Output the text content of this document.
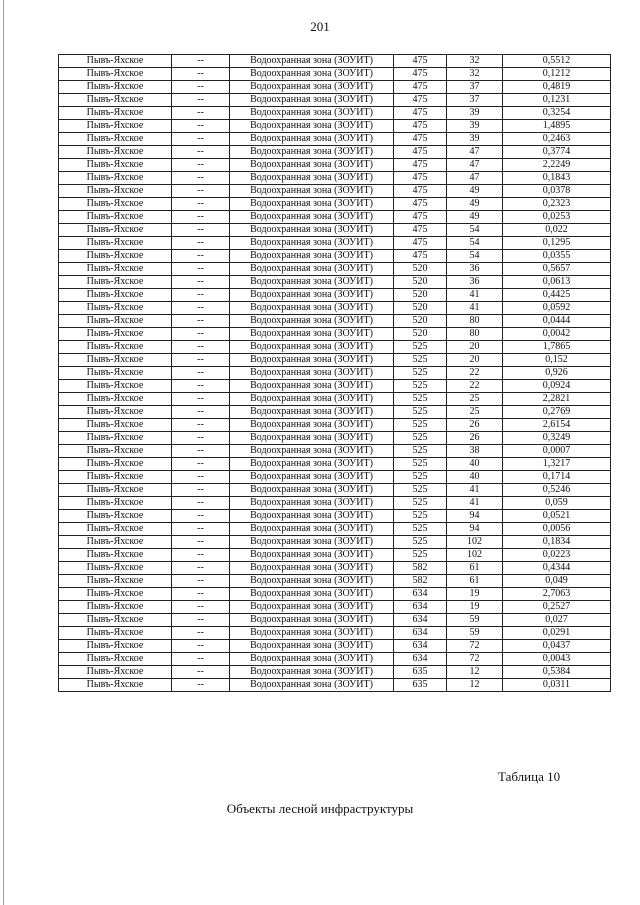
201
Пывъ-Яхское	--	Водоохранная зона (ЗОУИТ)	475	32	0,5512
Пывъ-Яхское	--	Водоохранная зона (ЗОУИТ)	475	32	0,1212
Пывъ-Яхское	--	Водоохранная зона (ЗОУИТ)	475	37	0,4819
Пывъ-Яхское	--	Водоохранная зона (ЗОУИТ)	475	37	0,1231
Пывъ-Яхское	--	Водоохранная зона (ЗОУИТ)	475	39	0,3254
Пывъ-Яхское	--	Водоохранная зона (ЗОУИТ)	475	39	1,4895
Пывъ-Яхское	--	Водоохранная зона (ЗОУИТ)	475	39	0,2463
Пывъ-Яхское	--	Водоохранная зона (ЗОУИТ)	475	47	0,3774
Пывъ-Яхское	--	Водоохранная зона (ЗОУИТ)	475	47	2,2249
Пывъ-Яхское	--	Водоохранная зона (ЗОУИТ)	475	47	0,1843
Пывъ-Яхское	--	Водоохранная зона (ЗОУИТ)	475	49	0,0378
Пывъ-Яхское	--	Водоохранная зона (ЗОУИТ)	475	49	0,2323
Пывъ-Яхское	--	Водоохранная зона (ЗОУИТ)	475	49	0,0253
Пывъ-Яхское	--	Водоохранная зона (ЗОУИТ)	475	54	0,022
Пывъ-Яхское	--	Водоохранная зона (ЗОУИТ)	475	54	0,1295
Пывъ-Яхское	--	Водоохранная зона (ЗОУИТ)	475	54	0,0355
Пывъ-Яхское	--	Водоохранная зона (ЗОУИТ)	520	36	0,5657
Пывъ-Яхское	--	Водоохранная зона (ЗОУИТ)	520	36	0,0613
Пывъ-Яхское	--	Водоохранная зона (ЗОУИТ)	520	41	0,4425
Пывъ-Яхское	--	Водоохранная зона (ЗОУИТ)	520	41	0,0592
Пывъ-Яхское	--	Водоохранная зона (ЗОУИТ)	520	80	0,0444
Пывъ-Яхское	--	Водоохранная зона (ЗОУИТ)	520	80	0,0042
Пывъ-Яхское	--	Водоохранная зона (ЗОУИТ)	525	20	1,7865
Пывъ-Яхское	--	Водоохранная зона (ЗОУИТ)	525	20	0,152
Пывъ-Яхское	--	Водоохранная зона (ЗОУИТ)	525	22	0,926
Пывъ-Яхское	--	Водоохранная зона (ЗОУИТ)	525	22	0,0924
Пывъ-Яхское	--	Водоохранная зона (ЗОУИТ)	525	25	2,2821
Пывъ-Яхское	--	Водоохранная зона (ЗОУИТ)	525	25	0,2769
Пывъ-Яхское	--	Водоохранная зона (ЗОУИТ)	525	26	2,6154
Пывъ-Яхское	--	Водоохранная зона (ЗОУИТ)	525	26	0,3249
Пывъ-Яхское	--	Водоохранная зона (ЗОУИТ)	525	38	0,0007
Пывъ-Яхское	--	Водоохранная зона (ЗОУИТ)	525	40	1,3217
Пывъ-Яхское	--	Водоохранная зона (ЗОУИТ)	525	40	0,1714
Пывъ-Яхское	--	Водоохранная зона (ЗОУИТ)	525	41	0,5246
Пывъ-Яхское	--	Водоохранная зона (ЗОУИТ)	525	41	0,059
Пывъ-Яхское	--	Водоохранная зона (ЗОУИТ)	525	94	0,0521
Пывъ-Яхское	--	Водоохранная зона (ЗОУИТ)	525	94	0,0056
Пывъ-Яхское	--	Водоохранная зона (ЗОУИТ)	525	102	0,1834
Пывъ-Яхское	--	Водоохранная зона (ЗОУИТ)	525	102	0,0223
Пывъ-Яхское	--	Водоохранная зона (ЗОУИТ)	582	61	0,4344
Пывъ-Яхское	--	Водоохранная зона (ЗОУИТ)	582	61	0,049
Пывъ-Яхское	--	Водоохранная зона (ЗОУИТ)	634	19	2,7063
Пывъ-Яхское	--	Водоохранная зона (ЗОУИТ)	634	19	0,2527
Пывъ-Яхское	--	Водоохранная зона (ЗОУИТ)	634	59	0,027
Пывъ-Яхское	--	Водоохранная зона (ЗОУИТ)	634	59	0,0291
Пывъ-Яхское	--	Водоохранная зона (ЗОУИТ)	634	72	0,0437
Пывъ-Яхское	--	Водоохранная зона (ЗОУИТ)	634	72	0,0043
Пывъ-Яхское	--	Водоохранная зона (ЗОУИТ)	635	12	0,5384
Пывъ-Яхское	--	Водоохранная зона (ЗОУИТ)	635	12	0,0311
Таблица 10
Объекты лесной инфраструктуры
